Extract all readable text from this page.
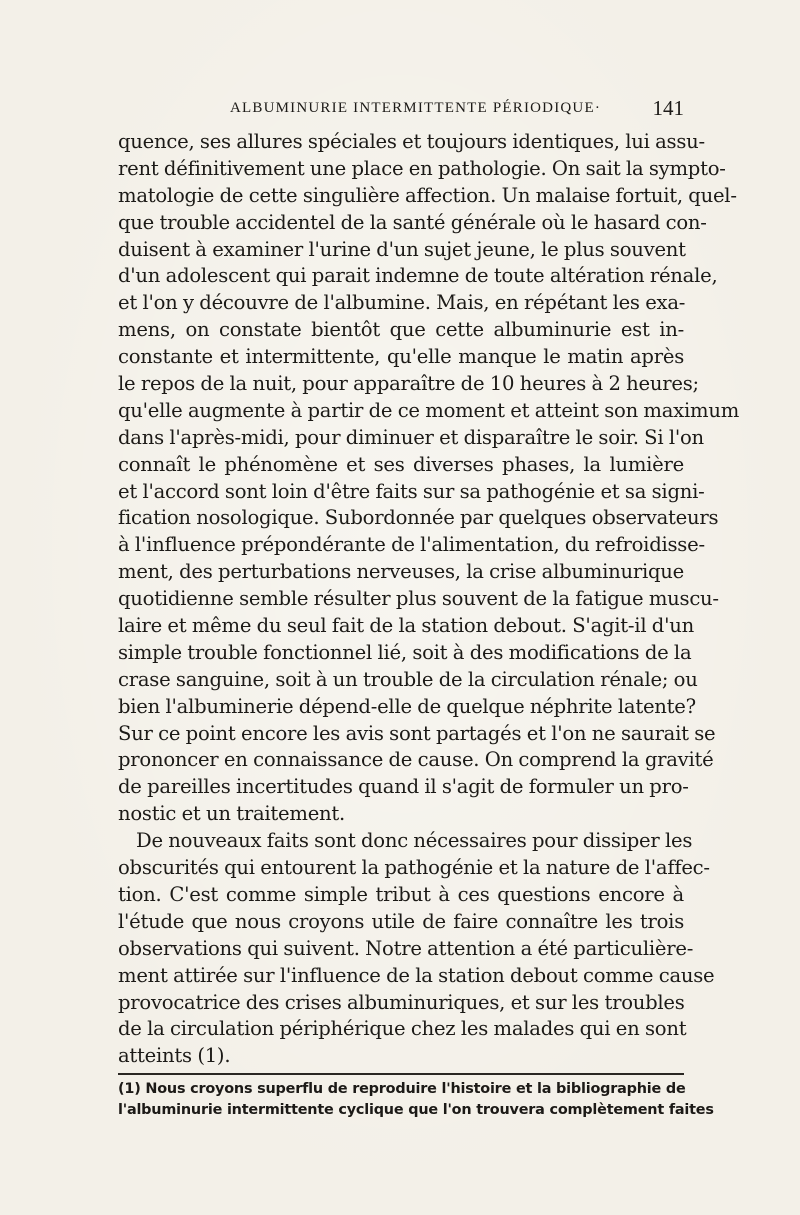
ALBUMINURIE INTERMITTENTE PÉRIODIQUE· 141
quence, ses allures spéciales et toujours identiques, lui assu-
rent définitivement une place en pathologie. On sait la sympto-
matologie de cette singulière affection. Un malaise fortuit, quel-
que trouble accidentel de la santé générale où le hasard con-
duisent à examiner l'urine d'un sujet jeune, le plus souvent
d'un adolescent qui parait indemne de toute altération rénale,
et l'on y découvre de l'albumine. Mais, en répétant les exa-
mens, on constate bientôt que cette albuminurie est in-
constante et intermittente, qu'elle manque le matin après
le repos de la nuit, pour apparaître de 10 heures à 2 heures;
qu'elle augmente à partir de ce moment et atteint son maximum
dans l'après-midi, pour diminuer et disparaître le soir. Si l'on
connaît le phénomène et ses diverses phases, la lumière
et l'accord sont loin d'être faits sur sa pathogénie et sa signi-
fication nosologique. Subordonnée par quelques observateurs
à l'influence prépondérante de l'alimentation, du refroidisse-
ment, des perturbations nerveuses, la crise albuminurique
quotidienne semble résulter plus souvent de la fatigue muscu-
laire et même du seul fait de la station debout. S'agit-il d'un
simple trouble fonctionnel lié, soit à des modifications de la
crase sanguine, soit à un trouble de la circulation rénale; ou
bien l'albuminerie dépend-elle de quelque néphrite latente?
Sur ce point encore les avis sont partagés et l'on ne saurait se
prononcer en connaissance de cause. On comprend la gravité
de pareilles incertitudes quand il s'agit de formuler un pro-
nostic et un traitement.
De nouveaux faits sont donc nécessaires pour dissiper les
obscurités qui entourent la pathogénie et la nature de l'affec-
tion. C'est comme simple tribut à ces questions encore à
l'étude que nous croyons utile de faire connaître les trois
observations qui suivent. Notre attention a été particulière-
ment attirée sur l'influence de la station debout comme cause
provocatrice des crises albuminuriques, et sur les troubles
de la circulation périphérique chez les malades qui en sont
atteints (1).
(1) Nous croyons superflu de reproduire l'histoire et la bibliographie de
l'albuminurie intermittente cyclique que l'on trouvera complètement faites
